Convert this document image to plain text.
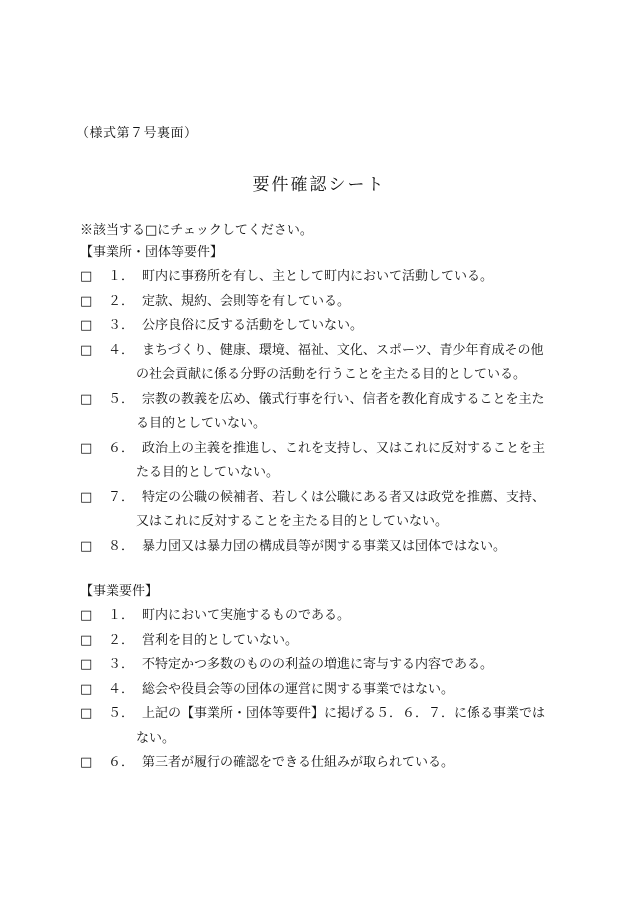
（様式第７号裏面）
要件確認シート
※該当する□にチェックしてください。
【事業所・団体等要件】
□	１． 町内に事務所を有し、主として町内において活動している。
□	２． 定款、規約、会則等を有している。
□	３． 公序良俗に反する活動をしていない。
□	４． まちづくり、健康、環境、福祉、文化、スポーツ、青少年育成その他
の社会貢献に係る分野の活動を行うことを主たる目的としている。
□	５． 宗教の教義を広め、儀式行事を行い、信者を教化育成することを主た
る目的としていない。
□	６． 政治上の主義を推進し、これを支持し、又はこれに反対することを主
たる目的としていない。
□	７． 特定の公職の候補者、若しくは公職にある者又は政党を推薦、支持、
又はこれに反対することを主たる目的としていない。
□	８． 暴力団又は暴力団の構成員等が関する事業又は団体ではない。
【事業要件】
□	１． 町内において実施するものである。
□	２． 営利を目的としていない。
□	３． 不特定かつ多数のものの利益の増進に寄与する内容である。
□	４． 総会や役員会等の団体の運営に関する事業ではない。
□	５． 上記の【事業所・団体等要件】に掲げる５．６．７．に係る事業では
ない。
□	６． 第三者が履行の確認をできる仕組みが取られている。
